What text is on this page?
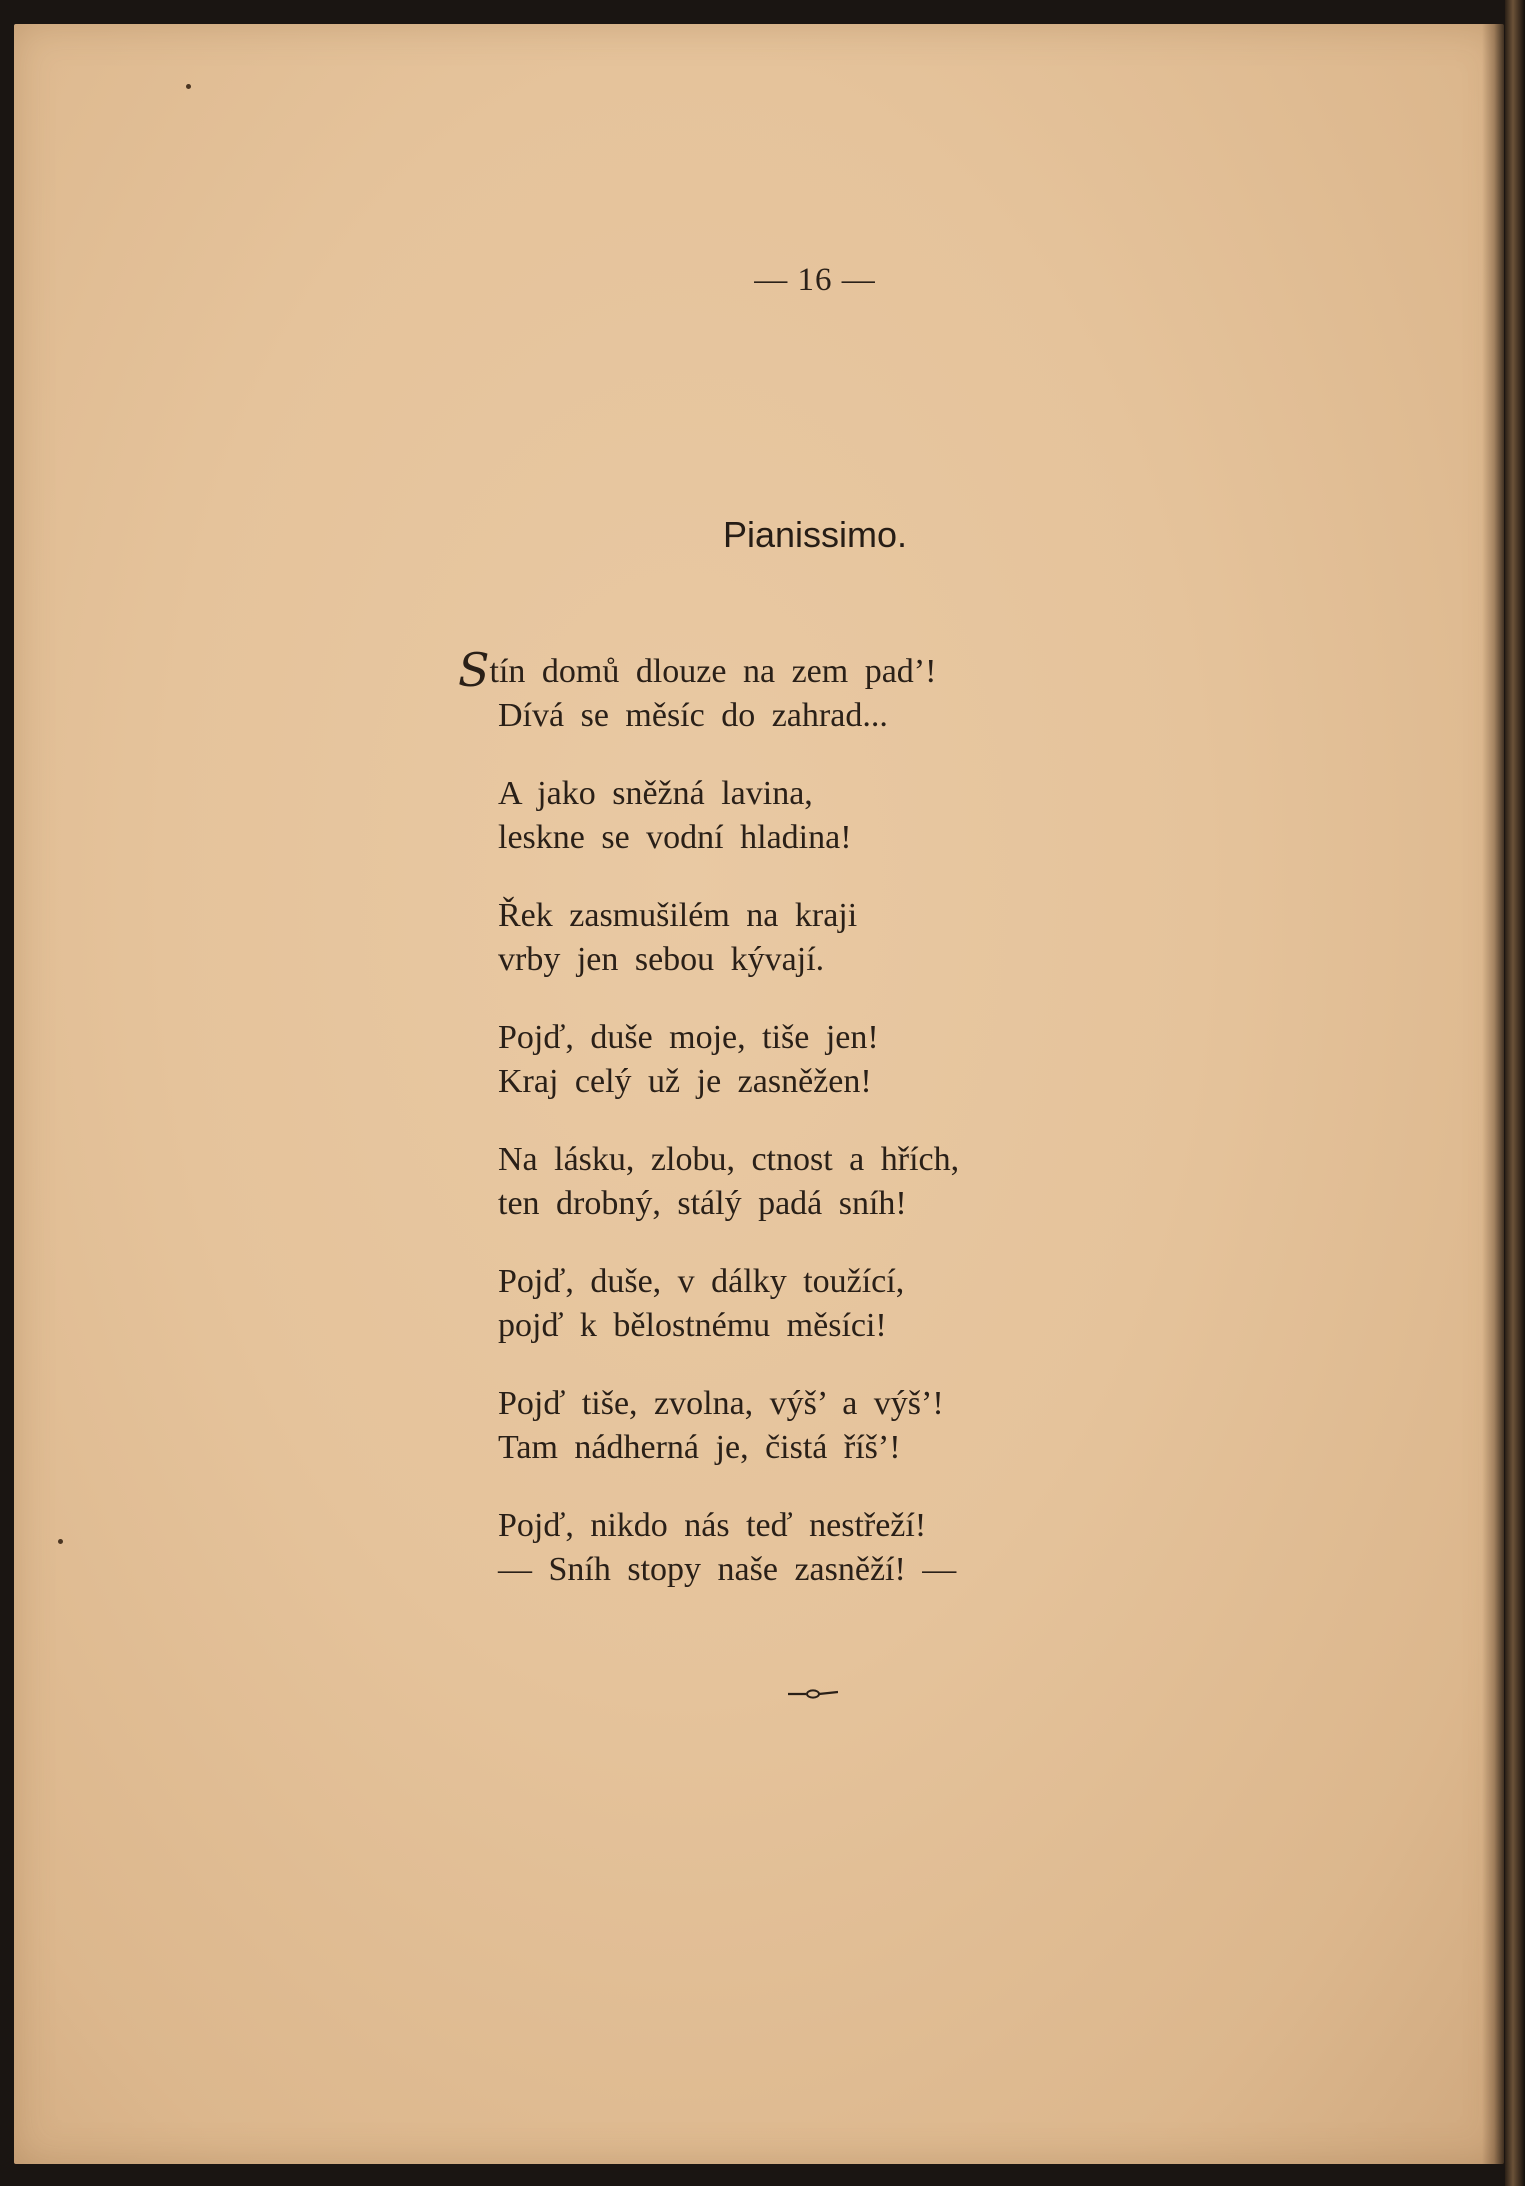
— 16 —
Pianissimo.
Stín domů dlouze na zem pad’!
Dívá se měsíc do zahrad...
A jako sněžná lavina,
leskne se vodní hladina!
Řek zasmušilém na kraji
vrby jen sebou kývají.
Pojď, duše moje, tiše jen!
Kraj celý už je zasněžen!
Na lásku, zlobu, ctnost a hřích,
ten drobný, stálý padá sníh!
Pojď, duše, v dálky toužící,
pojď k bělostnému měsíci!
Pojď tiše, zvolna, výš’ a výš’!
Tam nádherná je, čistá říš’!
Pojď, nikdo nás teď nestřeží!
— Sníh stopy naše zasněží! —
